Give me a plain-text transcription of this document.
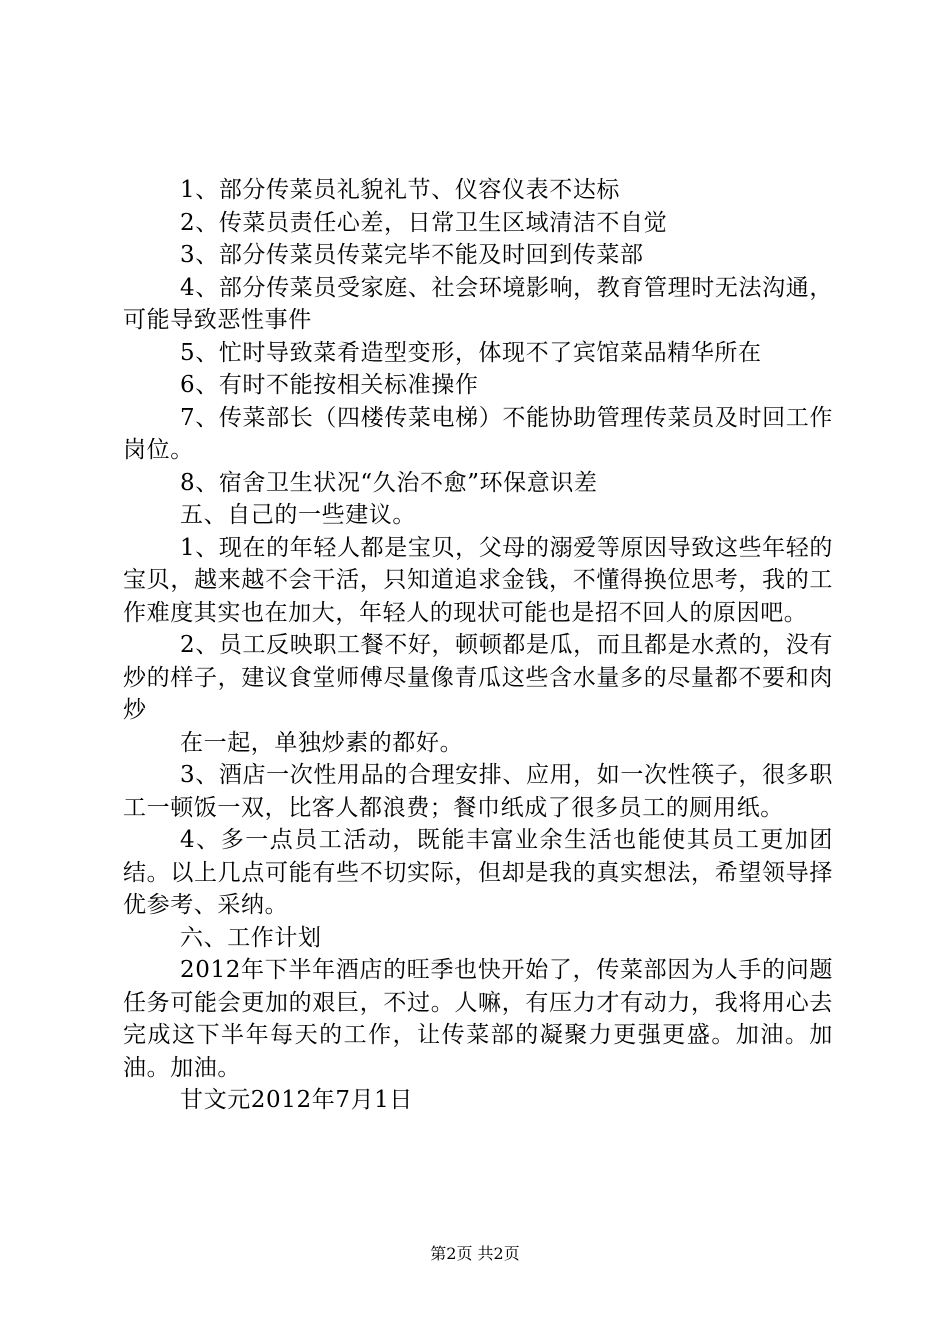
1、部分传菜员礼貌礼节、仪容仪表不达标

2、传菜员责任心差，日常卫生区域清洁不自觉

3、部分传菜员传菜完毕不能及时回到传菜部

4、部分传菜员受家庭、社会环境影响，教育管理时无法沟通，可能导致恶性事件

5、忙时导致菜肴造型变形，体现不了宾馆菜品精华所在

6、有时不能按相关标准操作

7、传菜部长（四楼传菜电梯）不能协助管理传菜员及时回工作岗位。

8、宿舍卫生状况“久治不愈”环保意识差

五、自己的一些建议。

1、现在的年轻人都是宝贝，父母的溺爱等原因导致这些年轻的宝贝，越来越不会干活，只知道追求金钱，不懂得换位思考，我的工作难度其实也在加大，年轻人的现状可能也是招不回人的原因吧。

2、员工反映职工餐不好，顿顿都是瓜，而且都是水煮的，没有炒的样子，建议食堂师傅尽量像青瓜这些含水量多的尽量都不要和肉炒

在一起，单独炒素的都好。

3、酒店一次性用品的合理安排、应用，如一次性筷子，很多职工一顿饭一双，比客人都浪费；餐巾纸成了很多员工的厕用纸。

4、多一点员工活动，既能丰富业余生活也能使其员工更加团结。以上几点可能有些不切实际，但却是我的真实想法，希望领导择优参考、采纳。

六、工作计划

2012年下半年酒店的旺季也快开始了，传菜部因为人手的问题任务可能会更加的艰巨，不过。人嘛，有压力才有动力，我将用心去完成这下半年每天的工作，让传菜部的凝聚力更强更盛。加油。加油。加油。

甘文元2012年7月1日

第2页 共2页
